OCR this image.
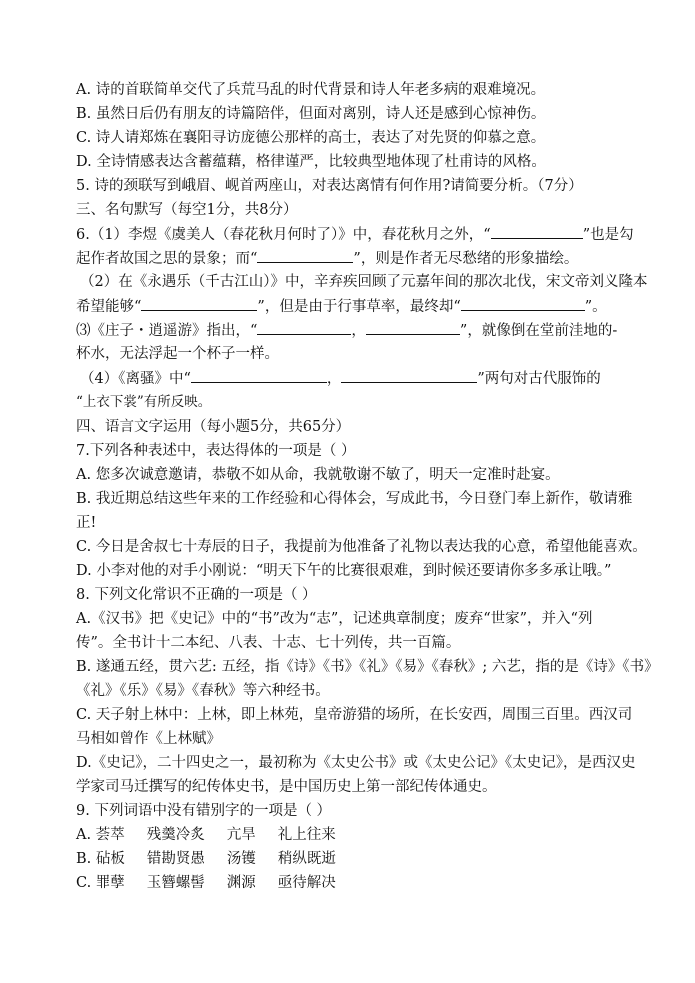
A. 诗的首联简单交代了兵荒马乱的时代背景和诗人年老多病的艰难境况。
B. 虽然日后仍有朋友的诗篇陪伴，但面对离别，诗人还是感到心惊神伤。
C. 诗人请郑炼在襄阳寻访庞德公那样的高士，表达了对先贤的仰慕之意。
D. 全诗情感表达含蓄蕴藉，格律谨严，比较典型地体现了杜甫诗的风格。
5. 诗的颈联写到峨眉、岘首两座山，对表达离情有何作用?请简要分析。（7分）
三、名句默写（每空1分，共8分）
6.（1）李煜《虞美人（春花秋月何时了）》中，春花秋月之外，“	”也是勾
起作者故国之思的景象；而“	”，则是作者无尽愁绪的形象描绘。
（2）在《永遇乐（千古江山）》中，辛弃疾回顾了元嘉年间的那次北伐，宋文帝刘义隆本
希望能够“	”，但是由于行事草率，最终却“	”。
⑶《庄子・逍遥游》指出，“	，	”，就像倒在堂前洼地的-
杯水，无法浮起一个杯子一样。
（4）《离骚》中“	，	”两句对古代服饰的
“上衣下裳”有所反映。
四、语言文字运用（每小题5分，共65分）
7.下列各种表述中，表达得体的一项是（ ）
A. 您多次诚意邀请，恭敬不如从命，我就敬谢不敏了，明天一定准时赴宴。
B. 我近期总结这些年来的工作经验和心得体会，写成此书，今日登门奉上新作，敬请雅
正!
C. 今日是舍叔七十寿辰的日子，我提前为他准备了礼物以表达我的心意，希望他能喜欢。
D. 小李对他的对手小刚说：“明天下午的比赛很艰难，到时候还要请你多多承让哦。”
8. 下列文化常识不正确的一项是（ ）
A.《汉书》把《史记》中的“书”改为“志”，记述典章制度；废弃“世家”，并入“列
传”。全书计十二本纪、八表、十志、七十列传，共一百篇。
B. 遂通五经，贯六艺: 五经，指《诗》《书》《礼》《易》《春秋》; 六艺，指的是《诗》《书》
《礼》《乐》《易》《春秋》等六种经书。
C. 天子射上林中：上林，即上林苑，皇帝游猎的场所，在长安西，周围三百里。西汉司
马相如曾作《上林赋》
D.《史记》，二十四史之一，最初称为《太史公书》或《太史公记》《太史记》，是西汉史
学家司马迁撰写的纪传体史书，是中国历史上第一部纪传体通史。
9. 下列词语中没有错别字的一项是（ ）
A. 荟萃 残羹冷炙 亢旱 礼上往来
B. 砧板 错勘贤愚 汤镬 稍纵既逝
C. 罪孽 玉簪螺髻 渊源 亟待解决
